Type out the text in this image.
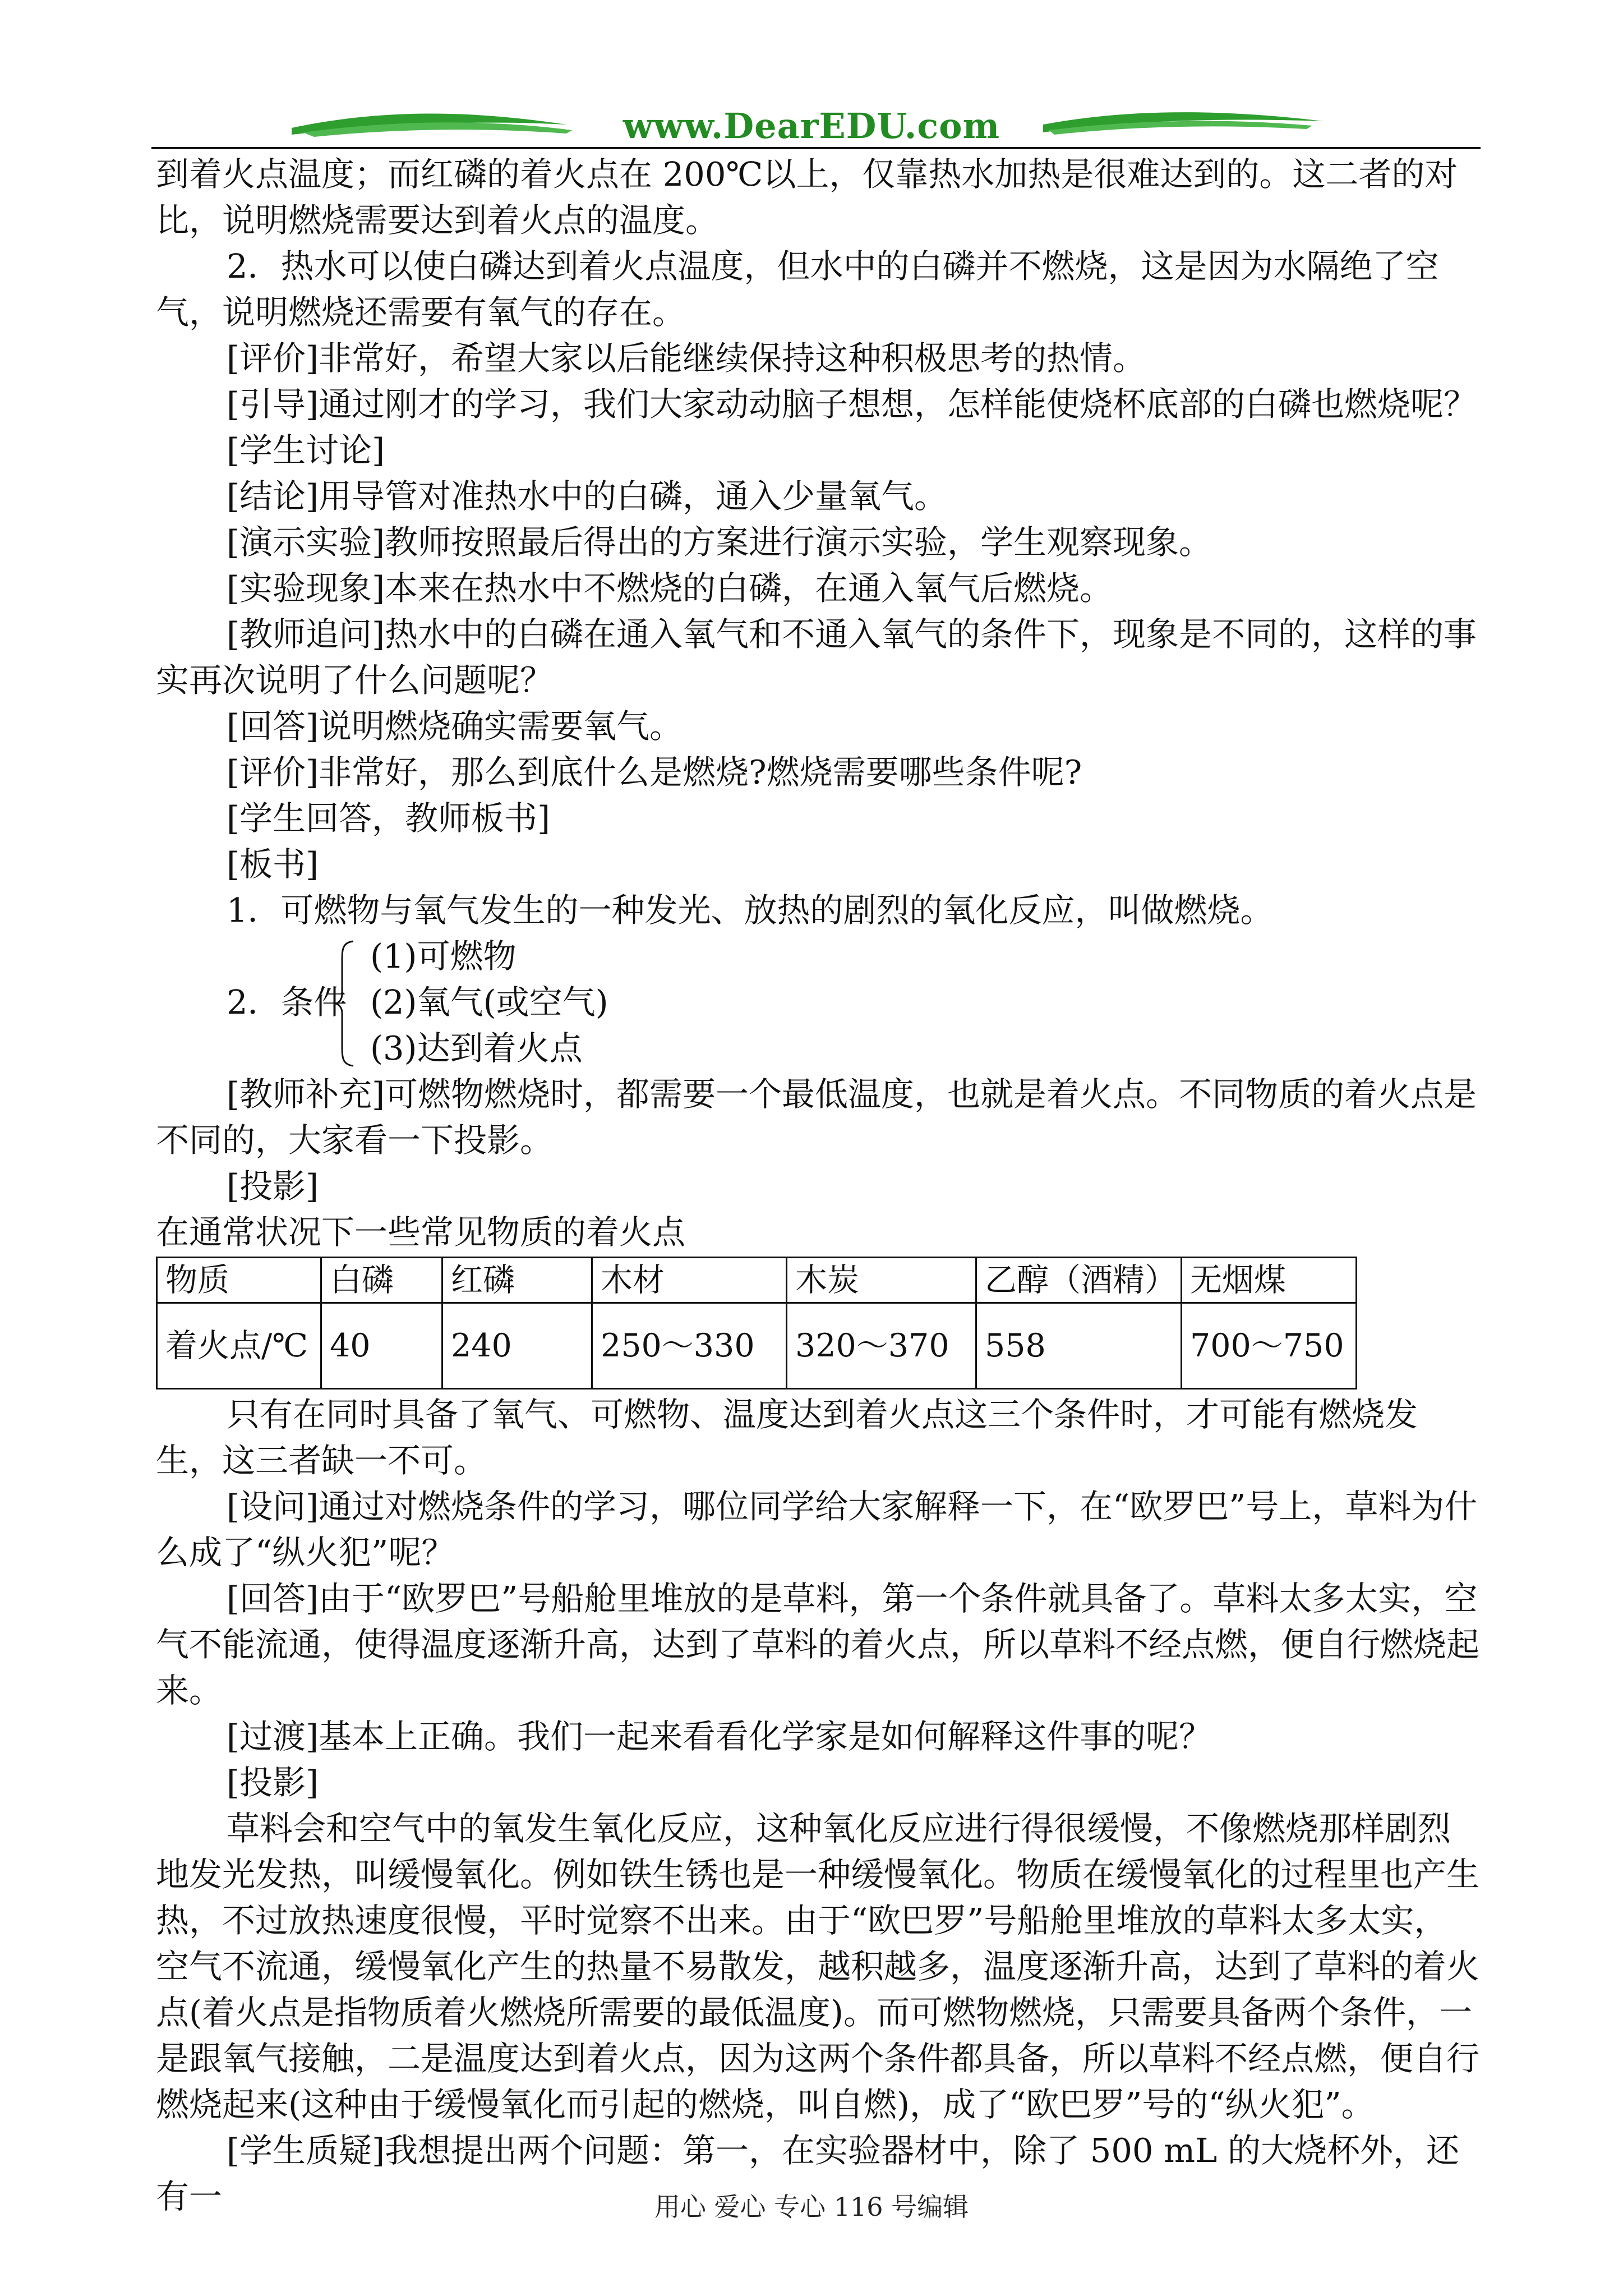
www.DearEDU.com

到着火点温度；而红磷的着火点在 200℃以上，仅靠热水加热是很难达到的。这二者的对比，说明燃烧需要达到着火点的温度。

2．热水可以使白磷达到着火点温度，但水中的白磷并不燃烧，这是因为水隔绝了空气，说明燃烧还需要有氧气的存在。

[评价]非常好，希望大家以后能继续保持这种积极思考的热情。

[引导]通过刚才的学习，我们大家动动脑子想想，怎样能使烧杯底部的白磷也燃烧呢？

[学生讨论]

[结论]用导管对准热水中的白磷，通入少量氧气。

[演示实验]教师按照最后得出的方案进行演示实验，学生观察现象。

[实验现象]本来在热水中不燃烧的白磷，在通入氧气后燃烧。

[教师追问]热水中的白磷在通入氧气和不通入氧气的条件下，现象是不同的，这样的事实再次说明了什么问题呢？

[回答]说明燃烧确实需要氧气。

[评价]非常好，那么到底什么是燃烧?燃烧需要哪些条件呢?

[学生回答，教师板书]

[板书]

1．可燃物与氧气发生的一种发光、放热的剧烈的氧化反应，叫做燃烧。

2．条件
(1)可燃物
(2)氧气(或空气)
(3)达到着火点

[教师补充]可燃物燃烧时，都需要一个最低温度，也就是着火点。不同物质的着火点是不同的，大家看一下投影。

[投影]

在通常状况下一些常见物质的着火点

物质	白磷	红磷	木材	木炭	乙醇（酒精）	无烟煤
着火点/℃	40	240	250～330	320～370	558	700～750

只有在同时具备了氧气、可燃物、温度达到着火点这三个条件时，才可能有燃烧发生，这三者缺一不可。

[设问]通过对燃烧条件的学习，哪位同学给大家解释一下，在“欧罗巴”号上，草料为什么成了“纵火犯”呢？

[回答]由于“欧罗巴”号船舱里堆放的是草料，第一个条件就具备了。草料太多太实，空气不能流通，使得温度逐渐升高，达到了草料的着火点，所以草料不经点燃，便自行燃烧起来。

[过渡]基本上正确。我们一起来看看化学家是如何解释这件事的呢？

[投影]

草料会和空气中的氧发生氧化反应，这种氧化反应进行得很缓慢，不像燃烧那样剧烈地发光发热，叫缓慢氧化。例如铁生锈也是一种缓慢氧化。物质在缓慢氧化的过程里也产生热，不过放热速度很慢，平时觉察不出来。由于“欧巴罗”号船舱里堆放的草料太多太实，空气不流通，缓慢氧化产生的热量不易散发，越积越多，温度逐渐升高，达到了草料的着火点(着火点是指物质着火燃烧所需要的最低温度)。而可燃物燃烧，只需要具备两个条件，一是跟氧气接触，二是温度达到着火点，因为这两个条件都具备，所以草料不经点燃，便自行燃烧起来(这种由于缓慢氧化而引起的燃烧，叫自燃)，成了“欧巴罗”号的“纵火犯”。

[学生质疑]我想提出两个问题：第一，在实验器材中，除了 500 mL 的大烧杯外，还有一	用心 爱心 专心 116 号编辑
